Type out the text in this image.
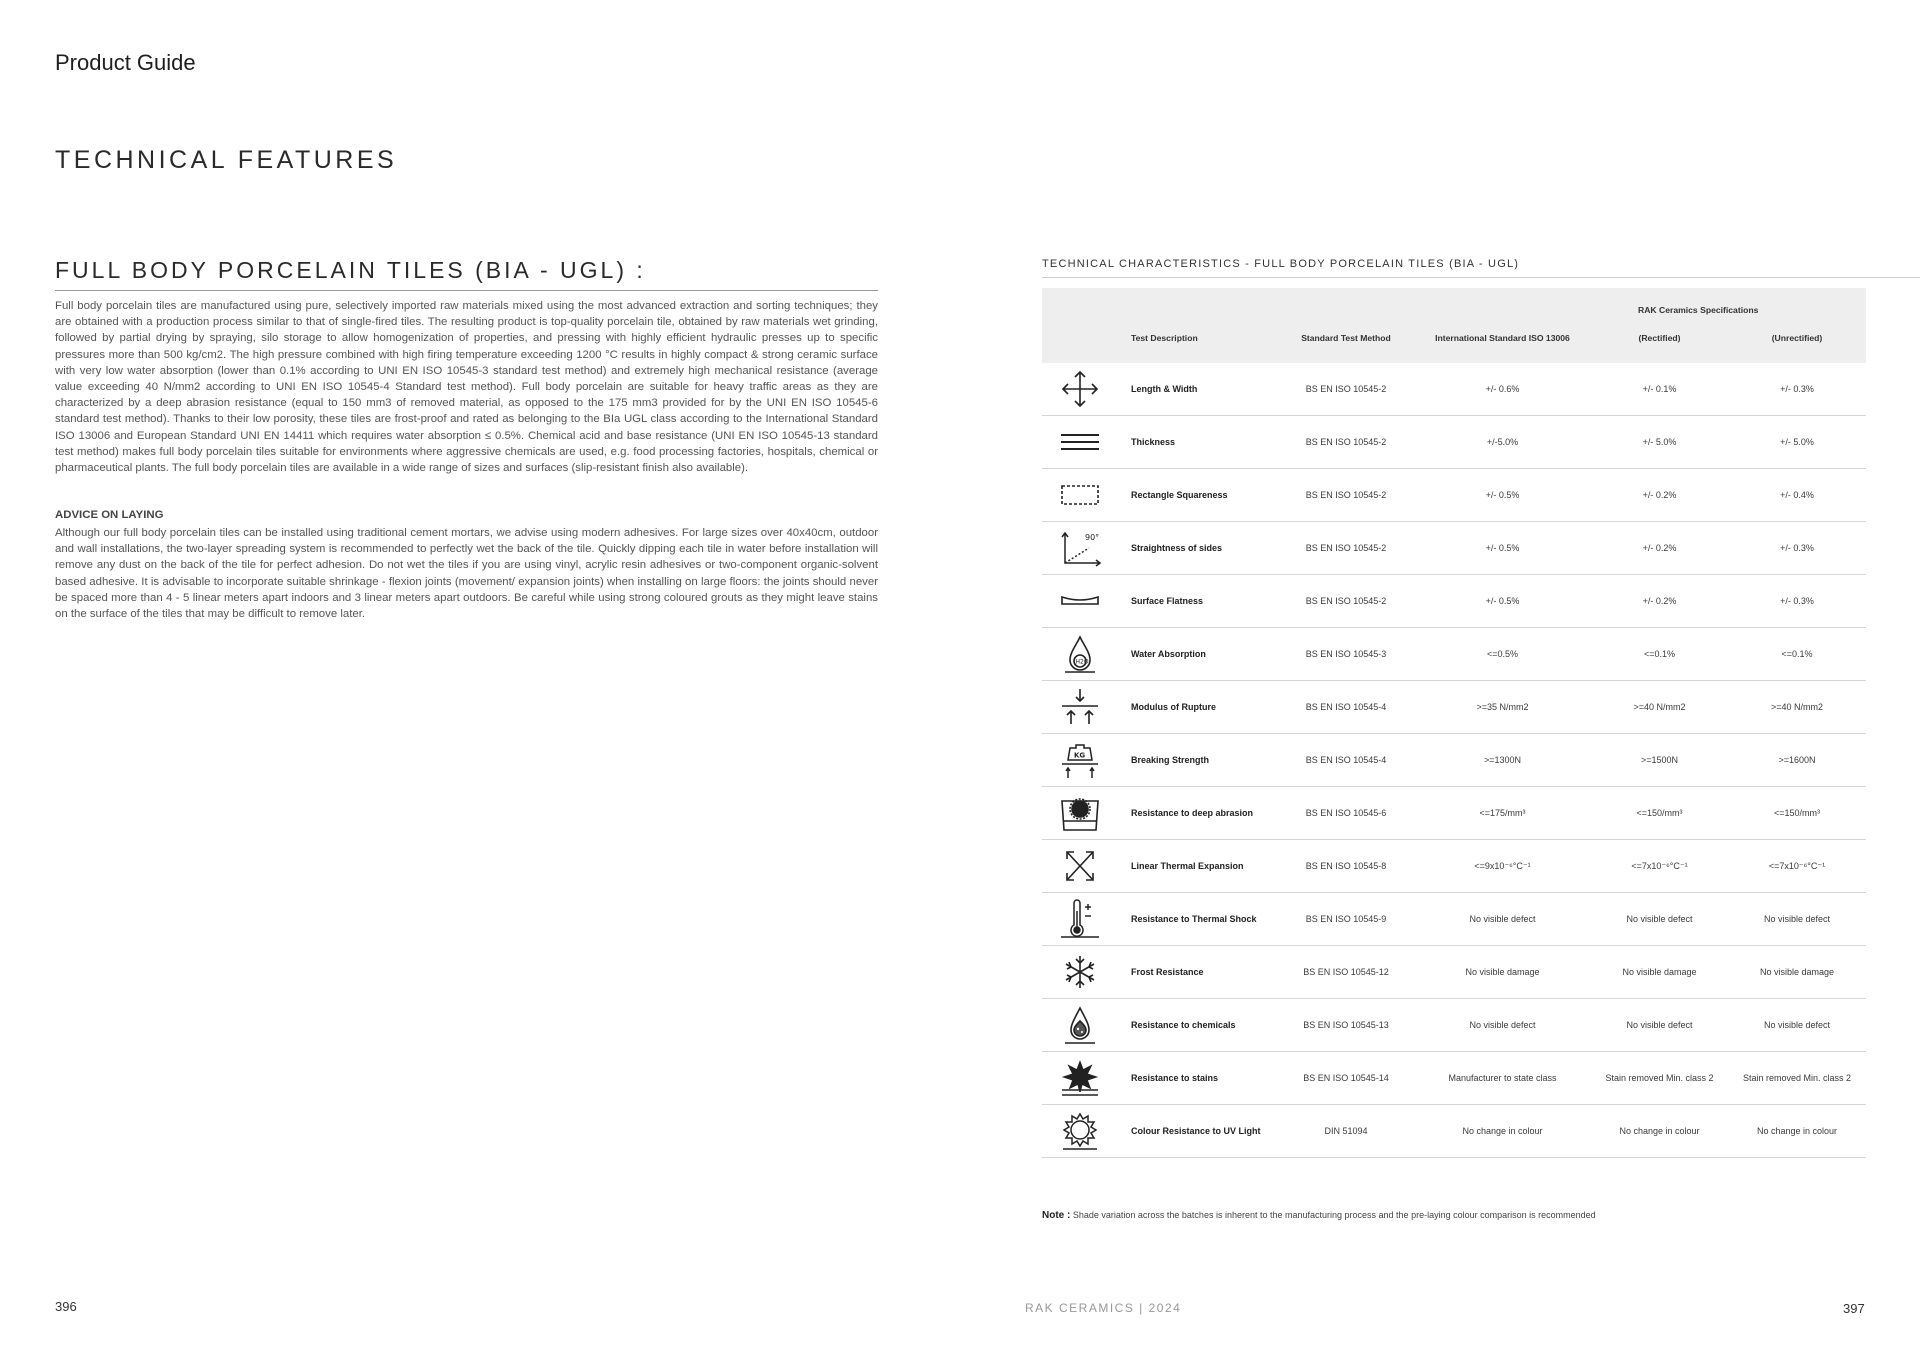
Product Guide
TECHNICAL FEATURES
FULL BODY PORCELAIN TILES (BIA - UGL) :

Full body porcelain tiles are manufactured using pure, selectively imported raw materials mixed using the most advanced extraction and sorting techniques; they are obtained with a production process similar to that of single-fired tiles. The resulting product is top-quality porcelain tile, obtained by raw materials wet grinding, followed by partial drying by spraying, silo storage to allow homogenization of properties, and pressing with highly efficient hydraulic presses up to specific pressures more than 500 kg/cm2. The high pressure combined with high firing temperature exceeding 1200 °C results in highly compact & strong ceramic surface with very low water absorption (lower than 0.1% according to UNI EN ISO 10545-3 standard test method) and extremely high mechanical resistance (average value exceeding 40 N/mm2 according to UNI EN ISO 10545-4 Standard test method). Full body porcelain are suitable for heavy traffic areas as they are characterized by a deep abrasion resistance (equal to 150 mm3 of removed material, as opposed to the 175 mm3 provided for by the UNI EN ISO 10545-6 standard test method). Thanks to their low porosity, these tiles are frost-proof and rated as belonging to the BIa UGL class according to the International Standard ISO 13006 and European Standard UNI EN 14411 which requires water absorption ≤ 0.5%. Chemical acid and base resistance (UNI EN ISO 10545-13 standard test method) makes full body porcelain tiles suitable for environments where aggressive chemicals are used, e.g. food processing factories, hospitals, chemical or pharmaceutical plants. The full body porcelain tiles are available in a wide range of sizes and surfaces (slip-resistant finish also available).

ADVICE ON LAYING

Although our full body porcelain tiles can be installed using traditional cement mortars, we advise using modern adhesives. For large sizes over 40x40cm, outdoor and wall installations, the two-layer spreading system is recommended to perfectly wet the back of the tile. Quickly dipping each tile in water before installation will remove any dust on the back of the tile for perfect adhesion. Do not wet the tiles if you are using vinyl, acrylic resin adhesives or two-component organic-solvent based adhesive. It is advisable to incorporate suitable shrinkage - flexion joints (movement/ expansion joints) when installing on large floors: the joints should never be spaced more than 4 - 5 linear meters apart indoors and 3 linear meters apart outdoors. Be careful while using strong coloured grouts as they might leave stains on the surface of the tiles that may be difficult to remove later.

396
TECHNICAL CHARACTERISTICS - FULL BODY PORCELAIN TILES (BIA - UGL)
RAK Ceramics Specifications
Test Description	Standard Test Method	International Standard ISO 13006	(Rectified)	(Unrectified)
Length & Width	BS EN ISO 10545-2	+/- 0.6%	+/- 0.1%	+/- 0.3%
Thickness	BS EN ISO 10545-2	+/-5.0%	+/- 5.0%	+/- 5.0%
Rectangle Squareness	BS EN ISO 10545-2	+/- 0.5%	+/- 0.2%	+/- 0.4%
90°
Straightness of sides	BS EN ISO 10545-2	+/- 0.5%	+/- 0.2%	+/- 0.3%
Surface Flatness	BS EN ISO 10545-2	+/- 0.5%	+/- 0.2%	+/- 0.3%
H2O
Water Absorption	BS EN ISO 10545-3	<=0.5%	<=0.1%	<=0.1%
Modulus of Rupture	BS EN ISO 10545-4	>=35 N/mm2	>=40 N/mm2	>=40 N/mm2
KG	Breaking Strength	BS EN ISO 10545-4	>=1300N	>=1500N	>=1600N
Resistance to deep abrasion	BS EN ISO 10545-6	<=175/mm³	<=150/mm³	<=150/mm³
Linear Thermal Expansion	BS EN ISO 10545-8	<=9x10⁻⁶°C⁻¹	<=7x10⁻⁶°C⁻¹	<=7x10⁻⁶°C⁻¹
Resistance to Thermal Shock	BS EN ISO 10545-9	No visible defect	No visible defect	No visible defect
Frost Resistance	BS EN ISO 10545-12	No visible damage	No visible damage	No visible damage
Resistance to chemicals	BS EN ISO 10545-13	No visible defect	No visible defect	No visible defect
Resistance to stains	BS EN ISO 10545-14	Manufacturer to state class	Stain removed Min. class 2	Stain removed Min. class 2
Colour Resistance to UV Light	DIN 51094	No change in colour	No change in colour	No change in colour
Note : Shade variation across the batches is inherent to the manufacturing process and the pre-laying colour comparison is recommended
RAK CERAMICS | 2024	397
